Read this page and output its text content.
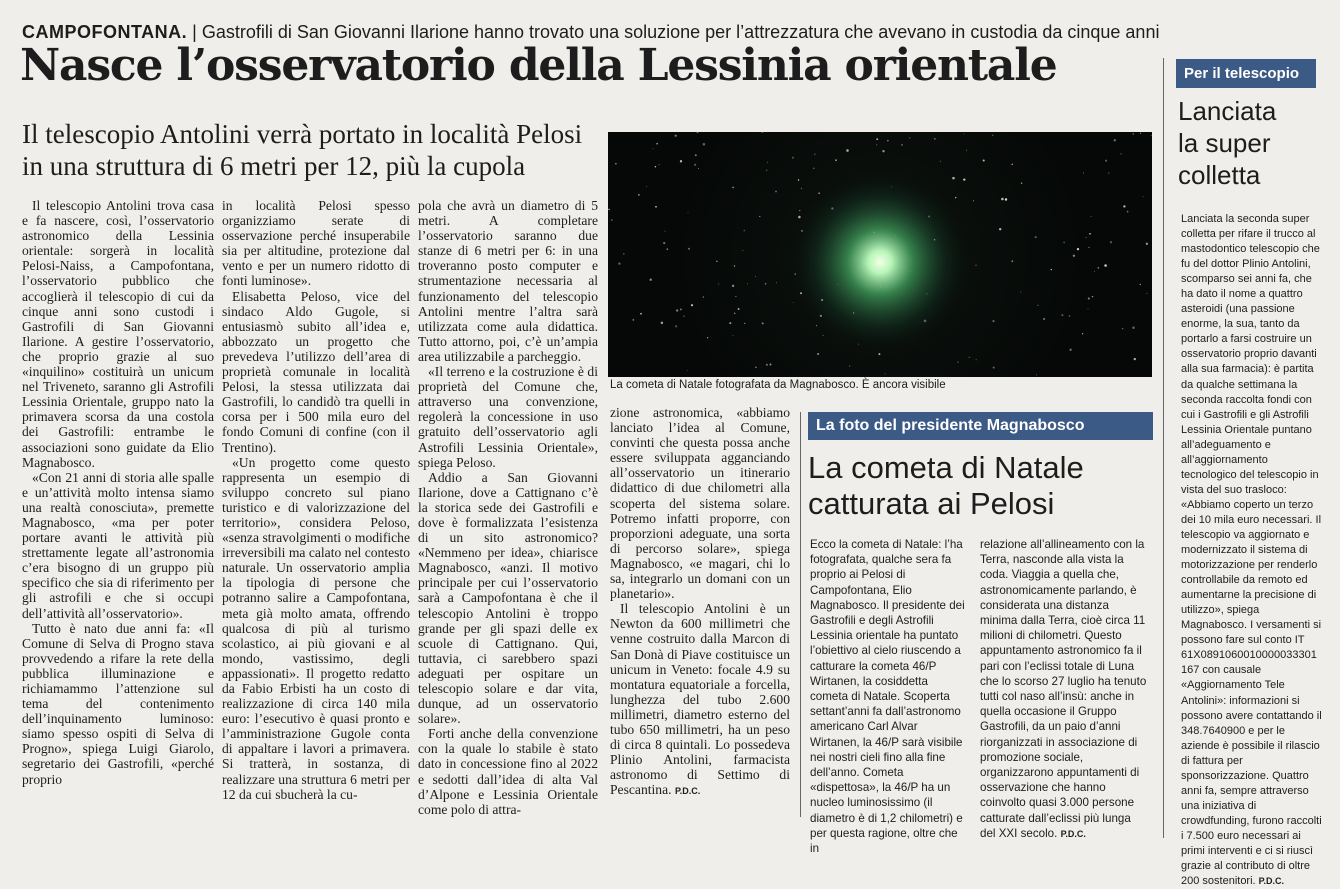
CAMPOFONTANA. | Gastrofili di San Giovanni Ilarione hanno trovato una soluzione per l’attrezzatura che avevano in custodia da cinque anni
Nasce l’osservatorio della Lessinia orientale
Il telescopio Antolini verrà portato in località Pelosi
in una struttura di 6 metri per 12, più la cupola

Il telescopio Antolini trova casa e fa nascere, così, l’osservatorio astronomico della Lessinia orientale: sorgerà in località Pelosi-Naiss, a Campofontana, l’osservatorio pubblico che accoglierà il telescopio di cui da cinque anni sono custodi i Gastrofili di San Giovanni Ilarione. A gestire l’osservatorio, che proprio grazie al suo «inquilino» costituirà un unicum nel Triveneto, saranno gli Astrofili Lessinia Orientale, gruppo nato la primavera scorsa da una costola dei Gastrofili: entrambe le associazioni sono guidate da Elio Magnabosco.

«Con 21 anni di storia alle spalle e un’attività molto intensa siamo una realtà conosciuta», premette Magnabosco, «ma per poter portare avanti le attività più strettamente legate all’astronomia c’era bisogno di un gruppo più specifico che sia di riferimento per gli astrofili e che si occupi dell’attività all’osservatorio».

Tutto è nato due anni fa: «Il Comune di Selva di Progno stava provvedendo a rifare la rete della pubblica illuminazione e richiamammo l’attenzione sul tema del contenimento dell’inquinamento luminoso: siamo spesso ospiti di Selva di Progno», spiega Luigi Giarolo, segretario dei Gastrofili, «perché proprio

in località Pelosi spesso organizziamo serate di osservazione perché insuperabile sia per altitudine, protezione dal vento e per un numero ridotto di fonti luminose».

Elisabetta Peloso, vice del sindaco Aldo Gugole, si entusiasmò subito all’idea e, abbozzato un progetto che prevedeva l’utilizzo dell’area di proprietà comunale in località Pelosi, la stessa utilizzata dai Gastrofili, lo candidò tra quelli in corsa per i 500 mila euro del fondo Comuni di confine (con il Trentino).

«Un progetto come questo rappresenta un esempio di sviluppo concreto sul piano turistico e di valorizzazione del territorio», considera Peloso, «senza stravolgimenti o modifiche irreversibili ma calato nel contesto naturale. Un osservatorio amplia la tipologia di persone che potranno salire a Campofontana, meta già molto amata, offrendo qualcosa di più al turismo scolastico, ai più giovani e al mondo, vastissimo, degli appassionati». Il progetto redatto da Fabio Erbisti ha un costo di realizzazione di circa 140 mila euro: l’esecutivo è quasi pronto e l’amministrazione Gugole conta di appaltare i lavori a primavera. Si tratterà, in sostanza, di realizzare una struttura 6 metri per 12 da cui sbucherà la cu-

pola che avrà un diametro di 5 metri. A completare l’osservatorio saranno due stanze di 6 metri per 6: in una troveranno posto computer e strumentazione necessaria al funzionamento del telescopio Antolini mentre l’altra sarà utilizzata come aula didattica. Tutto attorno, poi, c’è un’ampia area utilizzabile a parcheggio.

«Il terreno e la costruzione è di proprietà del Comune che, attraverso una convenzione, regolerà la concessione in uso gratuito dell’osservatorio agli Astrofili Lessinia Orientale», spiega Peloso.

Addio a San Giovanni Ilarione, dove a Cattignano c’è la storica sede dei Gastrofili e dove è formalizzata l’esistenza di un sito astronomico? «Nemmeno per idea», chiarisce Magnabosco, «anzi. Il motivo principale per cui l’osservatorio sarà a Campofontana è che il telescopio Antolini è troppo grande per gli spazi delle ex scuole di Cattignano. Qui, tuttavia, ci sarebbero spazi adeguati per ospitare un telescopio solare e dar vita, dunque, ad un osservatorio solare».

Forti anche della convenzione con la quale lo stabile è stato dato in concessione fino al 2022 e sedotti dall’idea di alta Val d’Alpone e Lessinia Orientale come polo di attra-

zione astronomica, «abbiamo lanciato l’idea al Comune, convinti che questa possa anche essere sviluppata agganciando all’osservatorio un itinerario didattico di due chilometri alla scoperta del sistema solare. Potremo infatti proporre, con proporzioni adeguate, una sorta di percorso solare», spiega Magnabosco, «e magari, chi lo sa, integrarlo un domani con un planetario».

Il telescopio Antolini è un Newton da 600 millimetri che venne costruito dalla Marcon di San Donà di Piave costituisce un unicum in Veneto: focale 4.9 su montatura equatoriale a forcella, lunghezza del tubo 2.600 millimetri, diametro esterno del tubo 650 millimetri, ha un peso di circa 8 quintali. Lo possedeva Plinio Antolini, farmacista astronomo di Settimo di Pescantina. P.D.C.

La cometa di Natale fotografata da Magnabosco. È ancora visibile
La foto del presidente Magnabosco
La cometa di Natale
catturata ai Pelosi
Ecco la cometa di Natale: l’ha fotografata, qualche sera fa proprio ai Pelosi di Campofontana, Elio Magnabosco. Il presidente dei Gastrofili e degli Astrofili Lessinia orientale ha puntato l’obiettivo al cielo riuscendo a catturare la cometa 46/P Wirtanen, la cosiddetta cometa di Natale. Scoperta settant’anni fa dall’astronomo americano Carl Alvar Wirtanen, la 46/P sarà visibile nei nostri cieli fino alla fine dell’anno. Cometa «dispettosa», la 46/P ha un nucleo luminosissimo (il diametro è di 1,2 chilometri) e per questa ragione, oltre che in
relazione all’allineamento con la Terra, nasconde alla vista la coda. Viaggia a quella che, astronomicamente parlando, è considerata una distanza minima dalla Terra, cioè circa 11 milioni di chilometri. Questo appuntamento astronomico fa il pari con l’eclissi totale di Luna che lo scorso 27 luglio ha tenuto tutti col naso all’insù: anche in quella occasione il Gruppo Gastrofili, da un paio d’anni riorganizzati in associazione di promozione sociale, organizzarono appuntamenti di osservazione che hanno coinvolto quasi 3.000 persone catturate dall’eclissi più lunga del XXI secolo. P.D.C.
Per il telescopio
Lanciata
la super
colletta
Lanciata la seconda super colletta per rifare il trucco al mastodontico telescopio che fu del dottor Plinio Antolini, scomparso sei anni fa, che ha dato il nome a quattro asteroidi (una passione enorme, la sua, tanto da portarlo a farsi costruire un osservatorio proprio davanti alla sua farmacia): è partita da qualche settimana la seconda raccolta fondi con cui i Gastrofili e gli Astrofili Lessinia Orientale puntano all’adeguamento e all’aggiornamento tecnologico del telescopio in vista del suo trasloco: «Abbiamo coperto un terzo dei 10 mila euro necessari. Il telescopio va aggiornato e modernizzato il sistema di motorizzazione per renderlo controllabile da remoto ed aumentarne la precisione di utilizzo», spiega Magnabosco. I versamenti si possono fare sul conto IT 61X0891060010000033301 167 con causale «Aggiornamento Tele Antolini»: informazioni si possono avere contattando il 348.7640900 e per le aziende è possibile il rilascio di fattura per sponsorizzazione. Quattro anni fa, sempre attraverso una iniziativa di crowdfunding, furono raccolti i 7.500 euro necessari ai primi interventi e ci si riuscì grazie al contributo di oltre 200 sostenitori. P.D.C.
